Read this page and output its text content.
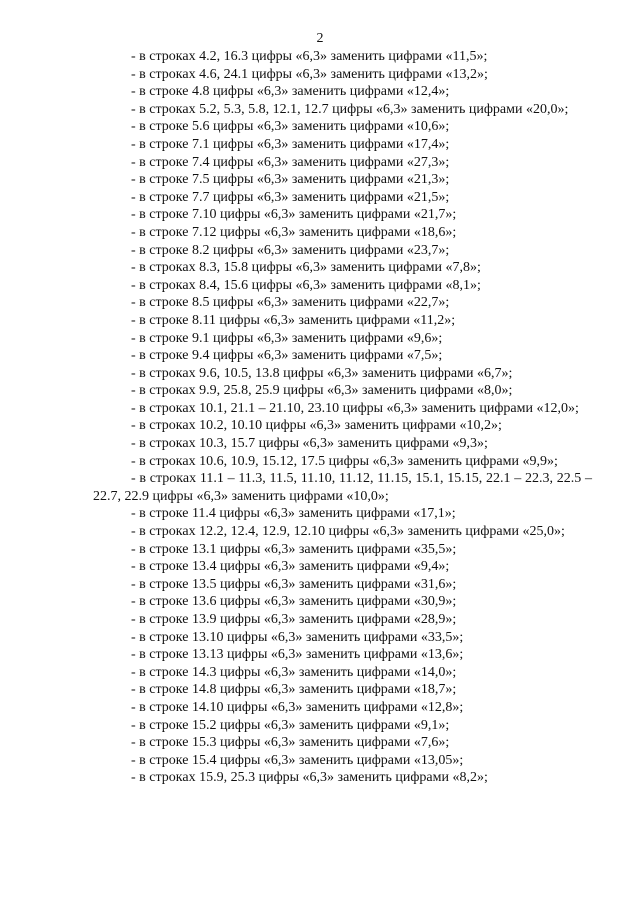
2

- в строках 4.2, 16.3 цифры «6,3» заменить цифрами «11,5»;

- в строках 4.6, 24.1 цифры «6,3» заменить цифрами «13,2»;

- в строке 4.8 цифры «6,3» заменить цифрами «12,4»;

- в строках 5.2, 5.3, 5.8, 12.1, 12.7 цифры «6,3» заменить цифрами «20,0»;

- в строке 5.6 цифры «6,3» заменить цифрами «10,6»;

- в строке 7.1 цифры «6,3» заменить цифрами «17,4»;

- в строке 7.4 цифры «6,3» заменить цифрами «27,3»;

- в строке 7.5 цифры «6,3» заменить цифрами «21,3»;

- в строке 7.7 цифры «6,3» заменить цифрами «21,5»;

- в строке 7.10 цифры «6,3» заменить цифрами «21,7»;

- в строке 7.12 цифры «6,3» заменить цифрами «18,6»;

- в строке 8.2 цифры «6,3» заменить цифрами «23,7»;

- в строках 8.3, 15.8 цифры «6,3» заменить цифрами «7,8»;

- в строках 8.4, 15.6 цифры «6,3» заменить цифрами «8,1»;

- в строке 8.5 цифры «6,3» заменить цифрами «22,7»;

- в строке 8.11 цифры «6,3» заменить цифрами «11,2»;

- в строке 9.1 цифры «6,3» заменить цифрами «9,6»;

- в строке 9.4 цифры «6,3» заменить цифрами «7,5»;

- в строках 9.6, 10.5, 13.8 цифры «6,3» заменить цифрами «6,7»;

- в строках 9.9, 25.8, 25.9 цифры «6,3» заменить цифрами «8,0»;

- в строках 10.1, 21.1 – 21.10, 23.10 цифры «6,3» заменить цифрами «12,0»;

- в строках 10.2, 10.10 цифры «6,3» заменить цифрами «10,2»;

- в строках 10.3, 15.7 цифры «6,3» заменить цифрами «9,3»;

- в строках 10.6, 10.9, 15.12, 17.5 цифры «6,3» заменить цифрами «9,9»;

- в строках 11.1 – 11.3, 11.5, 11.10, 11.12, 11.15, 15.1, 15.15, 22.1 – 22.3, 22.5 – 22.7, 22.9 цифры «6,3» заменить цифрами «10,0»;

- в строке 11.4 цифры «6,3» заменить цифрами «17,1»;

- в строках 12.2, 12.4, 12.9, 12.10 цифры «6,3» заменить цифрами «25,0»;

- в строке 13.1 цифры «6,3» заменить цифрами «35,5»;

- в строке 13.4 цифры «6,3» заменить цифрами «9,4»;

- в строке 13.5 цифры «6,3» заменить цифрами «31,6»;

- в строке 13.6 цифры «6,3» заменить цифрами «30,9»;

- в строке 13.9 цифры «6,3» заменить цифрами «28,9»;

- в строке 13.10 цифры «6,3» заменить цифрами «33,5»;

- в строке 13.13 цифры «6,3» заменить цифрами «13,6»;

- в строке 14.3 цифры «6,3» заменить цифрами «14,0»;

- в строке 14.8 цифры «6,3» заменить цифрами «18,7»;

- в строке 14.10 цифры «6,3» заменить цифрами «12,8»;

- в строке 15.2 цифры «6,3» заменить цифрами «9,1»;

- в строке 15.3 цифры «6,3» заменить цифрами «7,6»;

- в строке 15.4 цифры «6,3» заменить цифрами «13,05»;

- в строках 15.9, 25.3 цифры «6,3» заменить цифрами «8,2»;
